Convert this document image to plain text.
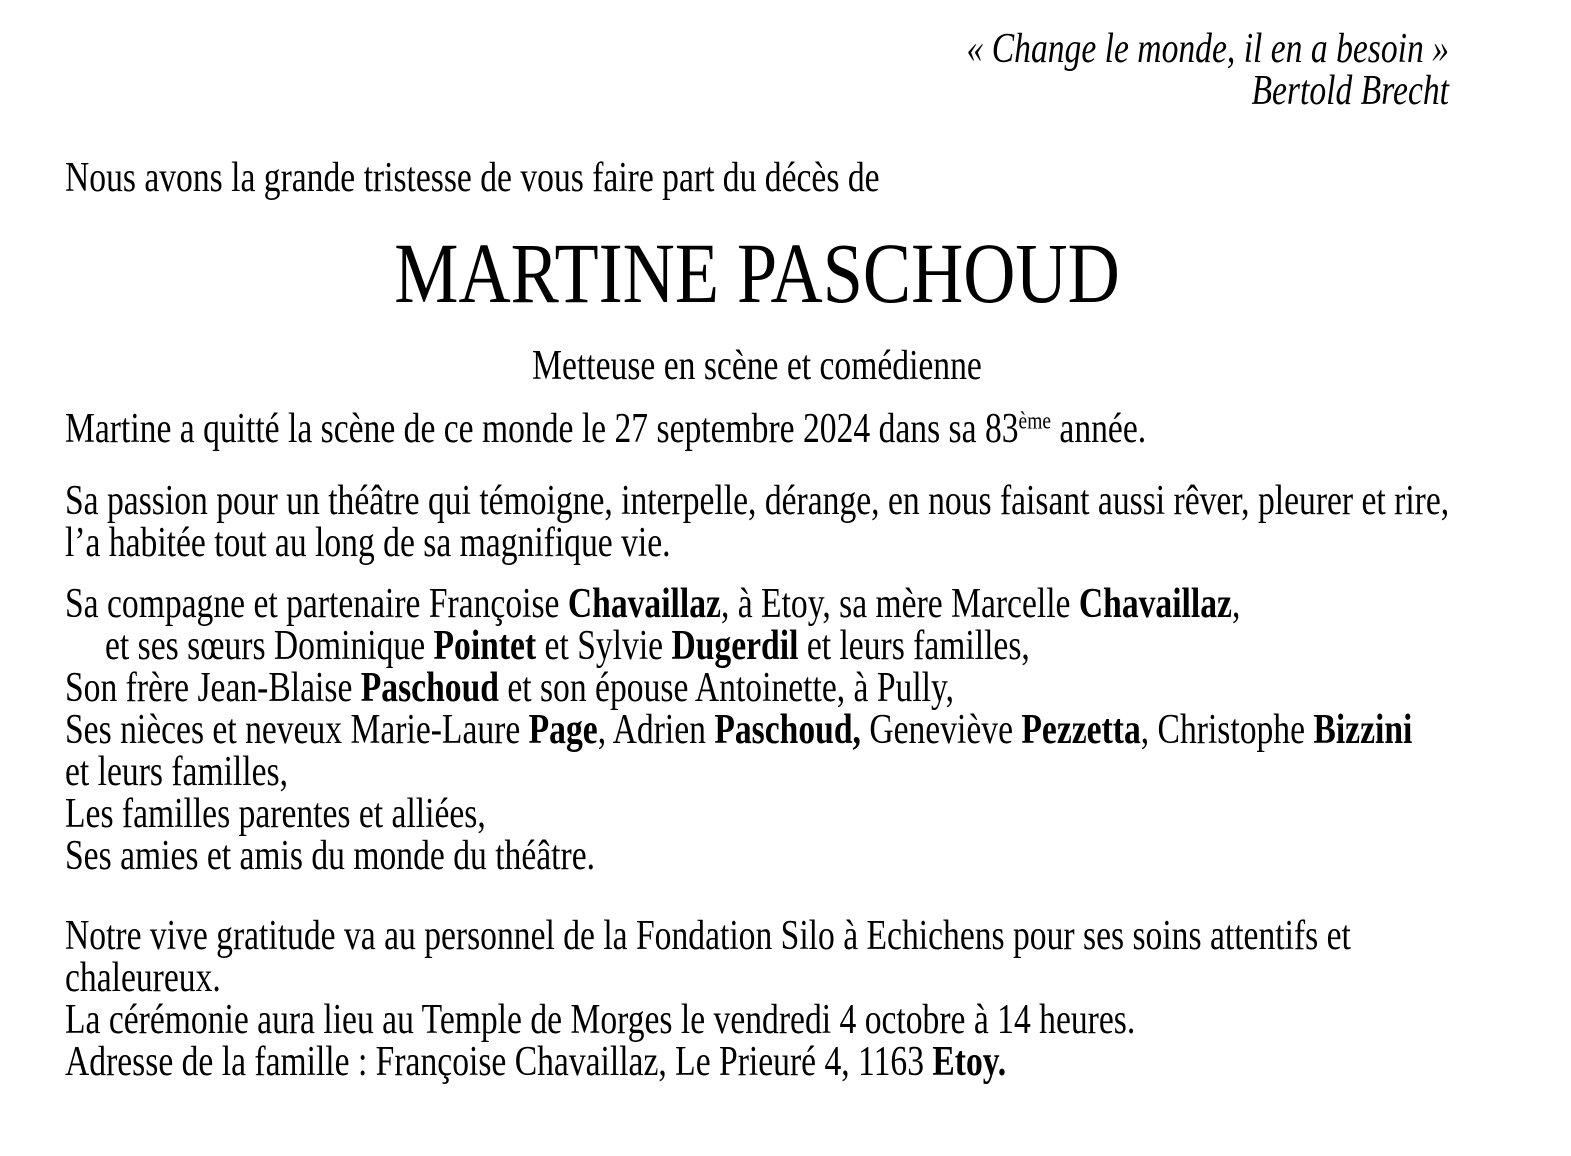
« Change le monde, il en a besoin »
Bertold Brecht
Nous avons la grande tristesse de vous faire part du décès de
MARTINE PASCHOUD
Metteuse en scène et comédienne
Martine a quitté la scène de ce monde le 27 septembre 2024 dans sa 83ème année.
Sa passion pour un théâtre qui témoigne, interpelle, dérange, en nous faisant aussi rêver, pleurer et rire,
l’a habitée tout au long de sa magnifique vie.
Sa compagne et partenaire Françoise Chavaillaz, à Etoy, sa mère Marcelle Chavaillaz,
et ses sœurs Dominique Pointet et Sylvie Dugerdil et leurs familles,
Son frère Jean-Blaise Paschoud et son épouse Antoinette, à Pully,
Ses nièces et neveux Marie-Laure Page, Adrien Paschoud, Geneviève Pezzetta, Christophe Bizzini
et leurs familles,
Les familles parentes et alliées,
Ses amies et amis du monde du théâtre.
Notre vive gratitude va au personnel de la Fondation Silo à Echichens pour ses soins attentifs et
chaleureux.
La cérémonie aura lieu au Temple de Morges le vendredi 4 octobre à 14 heures.
Adresse de la famille : Françoise Chavaillaz, Le Prieuré 4, 1163 Etoy.
